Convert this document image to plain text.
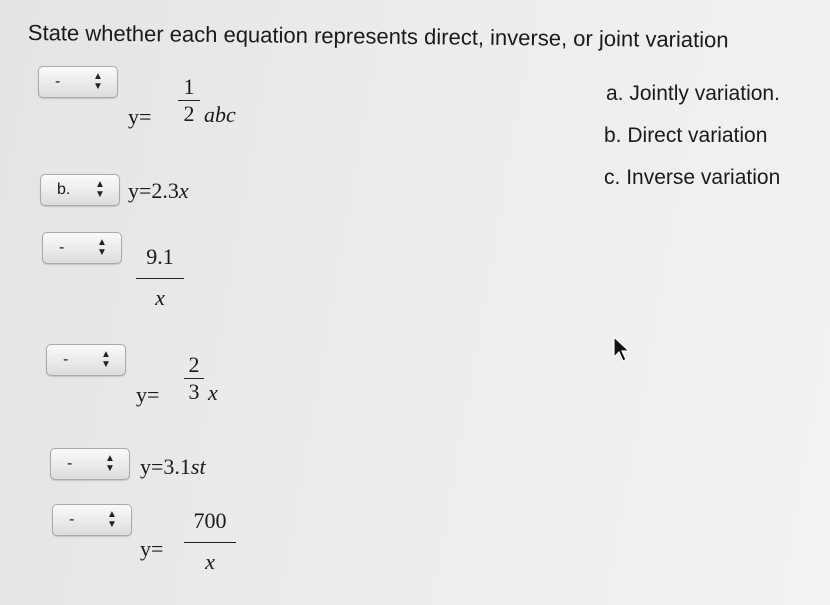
State whether each equation represents direct, inverse, or joint variation
-	▲
▼
y=
1
2 abc
b. ▲
▼ y=2.3x
-	▲
▼	9.1
x
-	▲
▼
y=
2
3 x
-	▲
▼ y=3.1st
-	▲
▼
y=
700
x
a. Jointly variation.
b. Direct variation
c. Inverse variation
